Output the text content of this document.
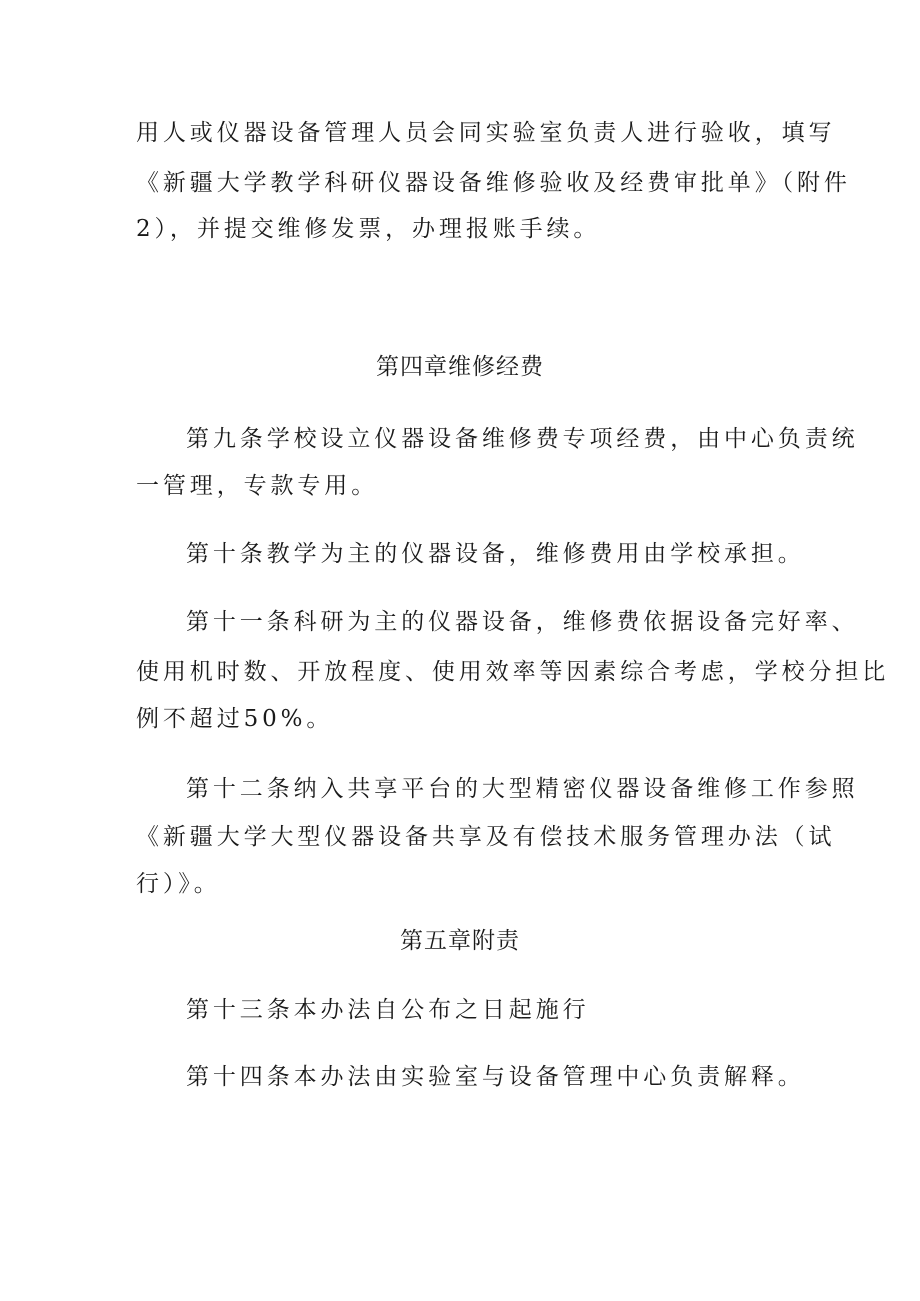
用人或仪器设备管理人员会同实验室负责人进行验收，填写
《新疆大学教学科研仪器设备维修验收及经费审批单》（附件
2），并提交维修发票，办理报账手续。
第四章维修经费
第九条学校设立仪器设备维修费专项经费，由中心负责统
一管理，专款专用。
第十条教学为主的仪器设备，维修费用由学校承担。
第十一条科研为主的仪器设备，维修费依据设备完好率、
使用机时数、开放程度、使用效率等因素综合考虑，学校分担比
例不超过50%。
第十二条纳入共享平台的大型精密仪器设备维修工作参照
《新疆大学大型仪器设备共享及有偿技术服务管理办法（试
行）》。
第五章附责
第十三条本办法自公布之日起施行
第十四条本办法由实验室与设备管理中心负责解释。
